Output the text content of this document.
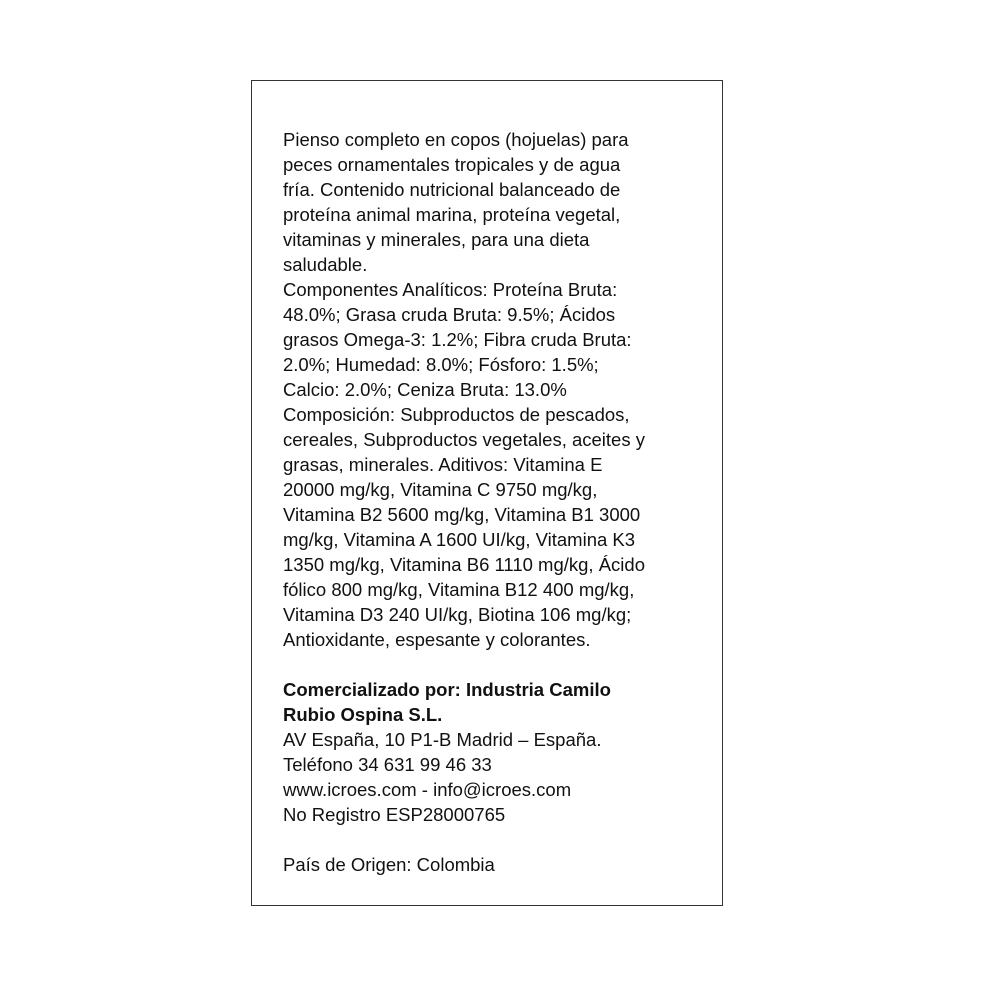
Pienso completo en copos (hojuelas) para
peces ornamentales tropicales y de agua
fría. Contenido nutricional balanceado de
proteína animal marina, proteína vegetal,
vitaminas y minerales, para una dieta
saludable.
Componentes Analíticos: Proteína Bruta:
48.0%; Grasa cruda Bruta: 9.5%; Ácidos
grasos Omega-3: 1.2%; Fibra cruda Bruta:
2.0%; Humedad: 8.0%; Fósforo: 1.5%;
Calcio: 2.0%; Ceniza Bruta: 13.0%
Composición: Subproductos de pescados,
cereales, Subproductos vegetales, aceites y
grasas, minerales. Aditivos: Vitamina E
20000 mg/kg, Vitamina C 9750 mg/kg,
Vitamina B2 5600 mg/kg, Vitamina B1 3000
mg/kg, Vitamina A 1600 UI/kg, Vitamina K3
1350 mg/kg, Vitamina B6 1110 mg/kg, Ácido
fólico 800 mg/kg, Vitamina B12 400 mg/kg,
Vitamina D3 240 UI/kg, Biotina 106 mg/kg;
Antioxidante, espesante y colorantes.
Comercializado por: Industria Camilo
Rubio Ospina S.L.
AV España, 10 P1-B Madrid – España.
Teléfono 34 631 99 46 33
www.icroes.com - info@icroes.com
No Registro ESP28000765
País de Origen: Colombia
